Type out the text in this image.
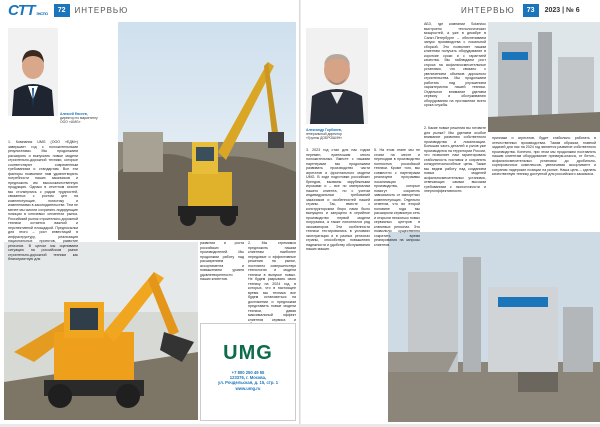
СТТЭКСПО	72	ИНТЕРВЬЮ	ИНТЕРВЬЮ	73	2023 | № 6
Алексей Евсеев,
директор по маркетингу
ООО «UMG»

1. Компания UMG (ООО «ЕДМ») завершает год с положительными результатами. Мы продолжаем расширять и выпускать новые модели строительно-дорожной техники, которые соответствуют современным требованиям и стандартам. Все эти факторы позволяют нам удовлетворять потребности наших заказчиков и предложить им высококачественную продукцию. Однако в отчетном сезоне мы столкнулись с рядом трудностей, связанных с ростом цен на комплектующие, логистику и изменениями в законодательстве. Тем не менее мы смогли сохранить лидирующие позиции в ключевых сегментах рынка. Российский рынок строительно-дорожной техники остается важной и перспективной площадкой. Предпосылки для этого – рост инвестиций в инфраструктуру, реализация национальных проектов, развитие регионов. В целом мы оцениваем ситуацию на российском рынке строительно-дорожной техники как благоприятную для

развития и роста российских производителей. Мы продолжим работу над расширением ассортимента и повышением уровня удовлетворенности наших клиентов.

2. Мы стремимся предложить нашим клиентам наиболее передовые и эффективные решения на рынке, постоянно совершенствуя технологии и модели техники в выпуске новых. Не будем разрывать свою технику на 2024 год, в которых, что в настоящее время мы техника все будем остановиться на достижении и предложим представить новые модели техники, давая максимальный эффект клиентов сервиса и

UMG
+7 800 250 49 55
123376, г. Москва,
ул. Рочдельская, д. 15, стр. 1
www.umg.ru
Александр Горбанев,
генеральный директор
«Группы ДОБРОШИН»

3. 2023 год стал для нас годом перемен, принесшим много положительных. Вместе с нашими партнерами мы продолжаем развивать производство части агрегатов и фронтального модели UMG. В ходе подготовки российских брендов, вызваны зарубежными игроками и – все по материалам нашего клиента, но с учетом индивидуальных требований заказчиков и особенностей нашей страны. Так, вместе с конструкторским бюро нами было выпущено и запущено в серийное производство первой модели погрузчика, а также пополнился ряд экскаваторов. Эти особенности техники тестировались в условиях эксплуатации и в разных регионах страны, способствуя повышению надежности и удобству обслуживания наших машин.

АБЗ, где компании Solarstoc выстроено технологических мощностей, а уже в декабре в Санкт-Петербурге – обеспечиваем запуск производства с локальной сборкой. Это позволяет нашим клиентам получать оборудование в короткие сроки и с гарантией качества. Мы наблюдаем рост спроса на асфальтосмесительные установки, что связано с увеличением объемов дорожного строительства. Мы продолжаем работать над улучшением характеристик нашей техники. Отдельное внимание уделяем сервису и обслуживанию оборудования на протяжении всего срока службы.

2. Какие новые решения вы готовите для рынка? Мы уделяем особое внимание развитию собственного производства и локализации. Большая часть деталей и узлов уже производится на территории России, что позволяет нам гарантировать стабильность поставок и сохранять конкурентоспособные цены. Также мы ведем работу над созданием новых моделей асфальтосмесительных установок, отвечающих самым высоким требованиям к экологичности и энергоэффективности.

признаки и агрегатов, будет стабильно работать в отечественных производствах. Таким образом, главной задачей для нас на 2024 год является развитие собственного производства. Конечно, при этом мы продолжим поставлять нашим клиентам оборудование премиум-класса, от бетон-, асфальтосмесительных установок до дробильно-сортировочных комплексов, увеличивая ассортимент и сохраняя лидерские позиции на рынке. Наша цель – сделать качественную технику доступной для российского заказчика.

5. На этом этапе мы не стоим на месте и переходим в производство полностью российской техники. Кроме того, мы совместно с партнерами реализуем программы локализации производства, которые помогут сократить зависимость от импортных комплектующих. Отдельно отметим, что во второй половине года мы расширили сервисную сеть и открыли несколько новых сервисных центров в ключевых регионах. Это позволило существенно сократить время реагирования на запросы клиентов.
